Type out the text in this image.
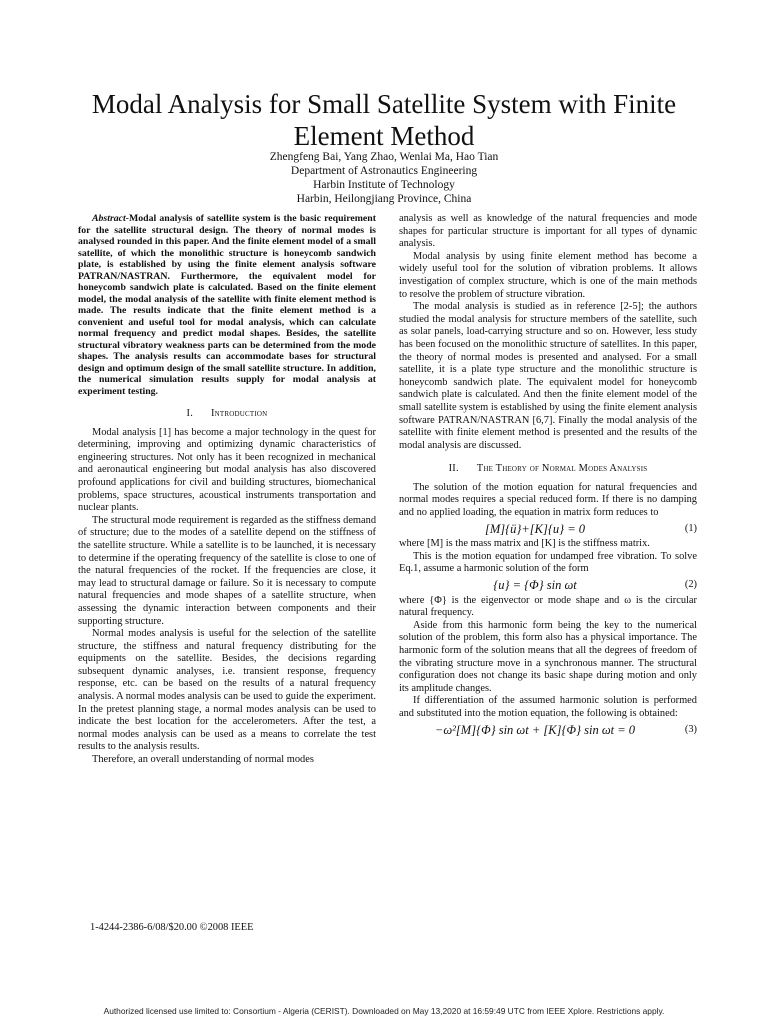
Modal Analysis for Small Satellite System with Finite Element Method
Zhengfeng Bai, Yang Zhao, Wenlai Ma, Hao Tian
Department of Astronautics Engineering
Harbin Institute of Technology
Harbin, Heilongjiang Province, China

Abstract-Modal analysis of satellite system is the basic requirement for the satellite structural design. The theory of normal modes is analysed rounded in this paper. And the finite element model of a small satellite, of which the monolithic structure is honeycomb sandwich plate, is established by using the finite element analysis software PATRAN/NASTRAN. Furthermore, the equivalent model for honeycomb sandwich plate is calculated. Based on the finite element model, the modal analysis of the satellite with finite element method is made. The results indicate that the finite element method is a convenient and useful tool for modal analysis, which can calculate normal frequency and predict modal shapes. Besides, the satellite structural vibratory weakness parts can be determined from the mode shapes. The analysis results can accommodate bases for structural design and optimum design of the small satellite structure. In addition, the numerical simulation results supply for modal analysis at experiment testing.

I. Introduction

Modal analysis [1] has become a major technology in the quest for determining, improving and optimizing dynamic characteristics of engineering structures. Not only has it been recognized in mechanical and aeronautical engineering but modal analysis has also discovered profound applications for civil and building structures, biomechanical problems, space structures, acoustical instruments transportation and nuclear plants.

The structural mode requirement is regarded as the stiffness demand of structure; due to the modes of a satellite depend on the stiffness of the satellite structure. While a satellite is to be launched, it is necessary to determine if the operating frequency of the satellite is close to one of the natural frequencies of the rocket. If the frequencies are close, it may lead to structural damage or failure. So it is necessary to compute natural frequencies and mode shapes of a satellite structure, when assessing the dynamic interaction between components and their supporting structure.

Normal modes analysis is useful for the selection of the satellite structure, the stiffness and natural frequency distributing for the equipments on the satellite. Besides, the decisions regarding subsequent dynamic analyses, i.e. transient response, frequency response, etc. can be based on the results of a natural frequency analysis. A normal modes analysis can be used to guide the experiment. In the pretest planning stage, a normal modes analysis can be used to indicate the best location for the accelerometers. After the test, a normal modes analysis can be used as a means to correlate the test results to the analysis results.

Therefore, an overall understanding of normal modes

analysis as well as knowledge of the natural frequencies and mode shapes for particular structure is important for all types of dynamic analysis.

Modal analysis by using finite element method has become a widely useful tool for the solution of vibration problems. It allows investigation of complex structure, which is one of the main methods to resolve the problem of structure vibration.

The modal analysis is studied as in reference [2-5]; the authors studied the modal analysis for structure members of the satellite, such as solar panels, load-carrying structure and so on. However, less study has been focused on the monolithic structure of satellites. In this paper, the theory of normal modes is presented and analysed. For a small satellite, it is a plate type structure and the monolithic structure is honeycomb sandwich plate. The equivalent model for honeycomb sandwich plate is calculated. And then the finite element model of the small satellite system is established by using the finite element analysis software PATRAN/NASTRAN [6,7]. Finally the modal analysis of the satellite with finite element method is presented and the results of the modal analysis are discussed.

II. The Theory of Normal Modes Analysis

The solution of the motion equation for natural frequencies and normal modes requires a special reduced form. If there is no damping and no applied loading, the equation in matrix form reduces to

[M]{ü}+[K]{u} = 0	(1)

where [M] is the mass matrix and [K] is the stiffness matrix.

This is the motion equation for undamped free vibration. To solve Eq.1, assume a harmonic solution of the form

{u} = {Φ} sin ωt	(2)

where {Φ} is the eigenvector or mode shape and ω is the circular natural frequency.

Aside from this harmonic form being the key to the numerical solution of the problem, this form also has a physical importance. The harmonic form of the solution means that all the degrees of freedom of the vibrating structure move in a synchronous manner. The structural configuration does not change its basic shape during motion and only its amplitude changes.

If differentiation of the assumed harmonic solution is performed and substituted into the motion equation, the following is obtained:

−ω²[M]{Φ} sin ωt + [K]{Φ} sin ωt = 0	(3)
1-4244-2386-6/08/$20.00 ©2008 IEEE
Authorized licensed use limited to: Consortium - Algeria (CERIST). Downloaded on May 13,2020 at 16:59:49 UTC from IEEE Xplore. Restrictions apply.
